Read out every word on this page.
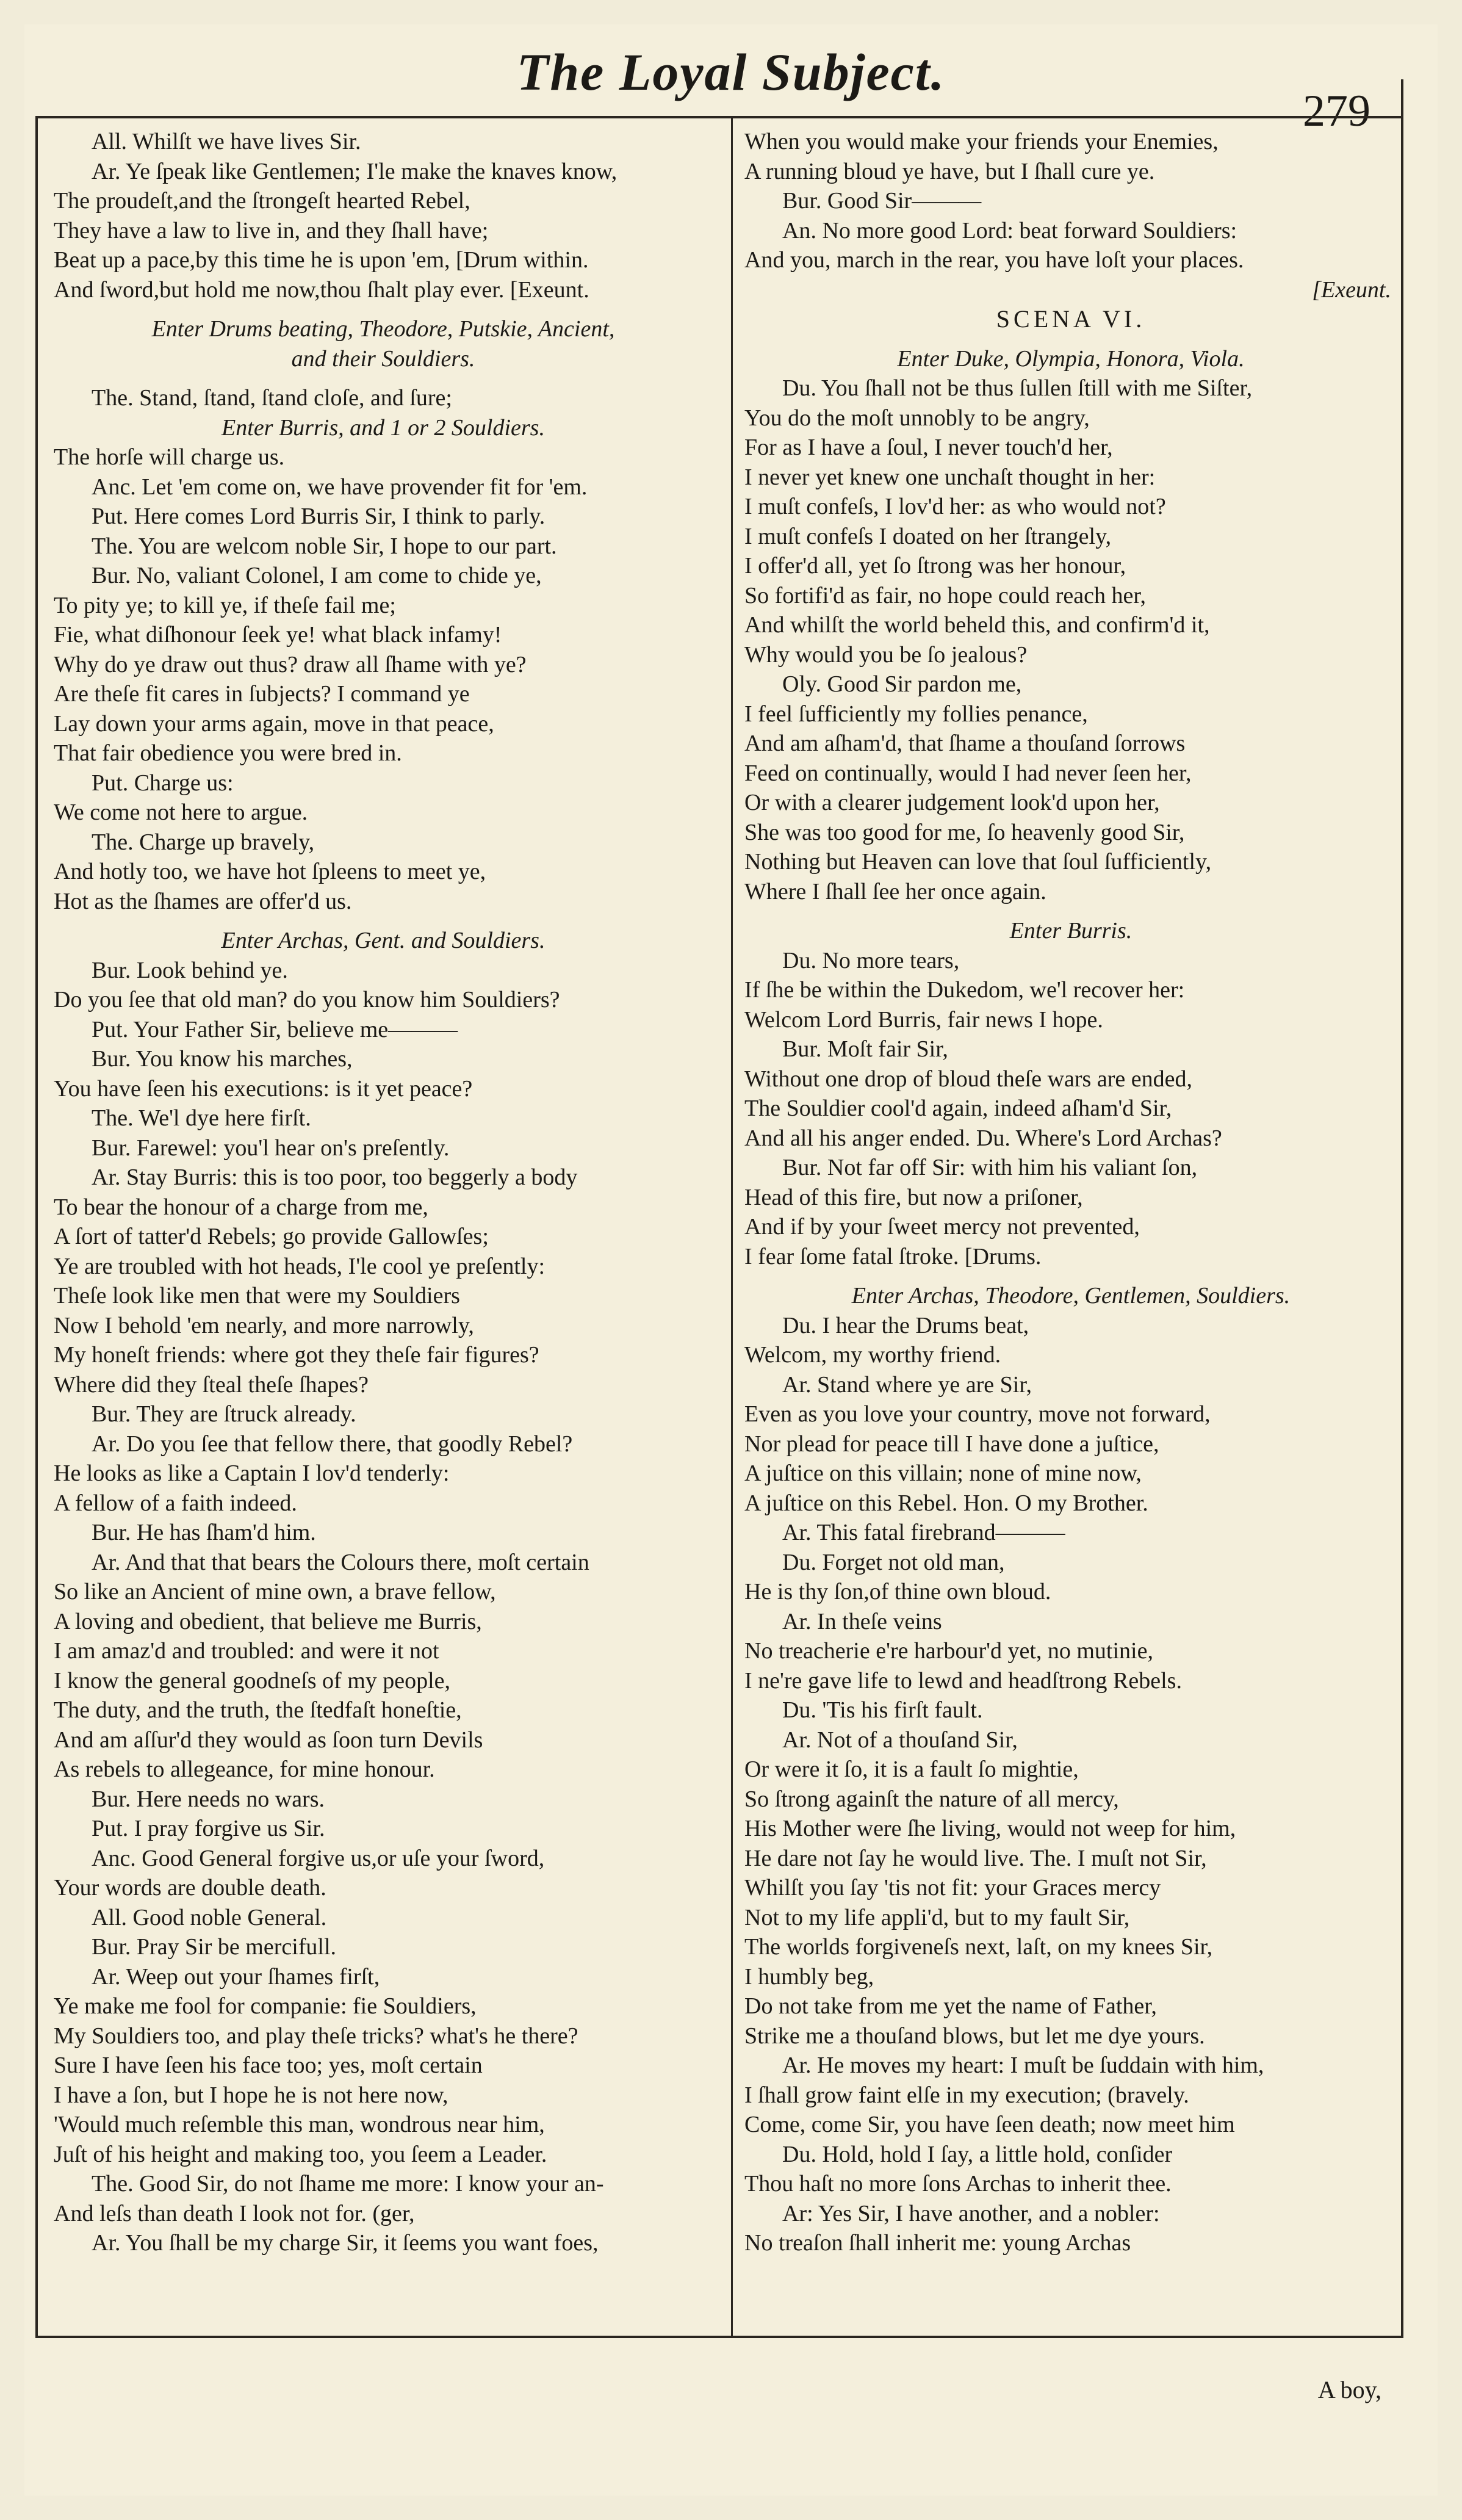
The Loyal Subject.
279
All. Whilſt we have lives Sir.
Ar. Ye ſpeak like Gentlemen; I'le make the knaves know,
The proudeſt,and the ſtrongeſt hearted Rebel,
They have a law to live in, and they ſhall have;
Beat up a pace,by this time he is upon 'em, [Drum within.
And ſword,but hold me now,thou ſhalt play ever. [Exeunt.
Enter Drums beating, Theodore, Putskie, Ancient,
and their Souldiers.
The. Stand, ſtand, ſtand cloſe, and ſure;
Enter Burris, and 1 or 2 Souldiers.
The horſe will charge us.
Anc. Let 'em come on, we have provender fit for 'em.
Put. Here comes Lord Burris Sir, I think to parly.
The. You are welcom noble Sir, I hope to our part.
Bur. No, valiant Colonel, I am come to chide ye,
To pity ye; to kill ye, if theſe fail me;
Fie, what diſhonour ſeek ye! what black infamy!
Why do ye draw out thus? draw all ſhame with ye?
Are theſe fit cares in ſubjects? I command ye
Lay down your arms again, move in that peace,
That fair obedience you were bred in.
Put. Charge us:
We come not here to argue.
The. Charge up bravely,
And hotly too, we have hot ſpleens to meet ye,
Hot as the ſhames are offer'd us.
Enter Archas, Gent. and Souldiers.
Bur. Look behind ye.
Do you ſee that old man? do you know him Souldiers?
Put. Your Father Sir, believe me———
Bur. You know his marches,
You have ſeen his executions: is it yet peace?
The. We'l dye here firſt.
Bur. Farewel: you'l hear on's preſently.
Ar. Stay Burris: this is too poor, too beggerly a body
To bear the honour of a charge from me,
A ſort of tatter'd Rebels; go provide Gallowſes;
Ye are troubled with hot heads, I'le cool ye preſently:
Theſe look like men that were my Souldiers
Now I behold 'em nearly, and more narrowly,
My honeſt friends: where got they theſe fair figures?
Where did they ſteal theſe ſhapes?
Bur. They are ſtruck already.
Ar. Do you ſee that fellow there, that goodly Rebel?
He looks as like a Captain I lov'd tenderly:
A fellow of a faith indeed.
Bur. He has ſham'd him.
Ar. And that that bears the Colours there, moſt certain
So like an Ancient of mine own, a brave fellow,
A loving and obedient, that believe me Burris,
I am amaz'd and troubled: and were it not
I know the general goodneſs of my people,
The duty, and the truth, the ſtedfaſt honeſtie,
And am aſſur'd they would as ſoon turn Devils
As rebels to allegeance, for mine honour.
Bur. Here needs no wars.
Put. I pray forgive us Sir.
Anc. Good General forgive us,or uſe your ſword,
Your words are double death.
All. Good noble General.
Bur. Pray Sir be mercifull.
Ar. Weep out your ſhames firſt,
Ye make me fool for companie: fie Souldiers,
My Souldiers too, and play theſe tricks? what's he there?
Sure I have ſeen his face too; yes, moſt certain
I have a ſon, but I hope he is not here now,
'Would much reſemble this man, wondrous near him,
Juſt of his height and making too, you ſeem a Leader.
The. Good Sir, do not ſhame me more: I know your an-
And leſs than death I look not for. (ger,
Ar. You ſhall be my charge Sir, it ſeems you want foes,
When you would make your friends your Enemies,
A running bloud ye have, but I ſhall cure ye.
Bur. Good Sir———
An. No more good Lord: beat forward Souldiers:
And you, march in the rear, you have loſt your places.
[Exeunt.
SCENA VI.
Enter Duke, Olympia, Honora, Viola.
Du. You ſhall not be thus ſullen ſtill with me Siſter,
You do the moſt unnobly to be angry,
For as I have a ſoul, I never touch'd her,
I never yet knew one unchaſt thought in her:
I muſt confeſs, I lov'd her: as who would not?
I muſt confeſs I doated on her ſtrangely,
I offer'd all, yet ſo ſtrong was her honour,
So fortifi'd as fair, no hope could reach her,
And whilſt the world beheld this, and confirm'd it,
Why would you be ſo jealous?
Oly. Good Sir pardon me,
I feel ſufficiently my follies penance,
And am aſham'd, that ſhame a thouſand ſorrows
Feed on continually, would I had never ſeen her,
Or with a clearer judgement look'd upon her,
She was too good for me, ſo heavenly good Sir,
Nothing but Heaven can love that ſoul ſufficiently,
Where I ſhall ſee her once again.
Enter Burris.
Du. No more tears,
If ſhe be within the Dukedom, we'l recover her:
Welcom Lord Burris, fair news I hope.
Bur. Moſt fair Sir,
Without one drop of bloud theſe wars are ended,
The Souldier cool'd again, indeed aſham'd Sir,
And all his anger ended. Du. Where's Lord Archas?
Bur. Not far off Sir: with him his valiant ſon,
Head of this fire, but now a priſoner,
And if by your ſweet mercy not prevented,
I fear ſome fatal ſtroke. [Drums.
Enter Archas, Theodore, Gentlemen, Souldiers.
Du. I hear the Drums beat,
Welcom, my worthy friend.
Ar. Stand where ye are Sir,
Even as you love your country, move not forward,
Nor plead for peace till I have done a juſtice,
A juſtice on this villain; none of mine now,
A juſtice on this Rebel. Hon. O my Brother.
Ar. This fatal firebrand———
Du. Forget not old man,
He is thy ſon,of thine own bloud.
Ar. In theſe veins
No treacherie e're harbour'd yet, no mutinie,
I ne're gave life to lewd and headſtrong Rebels.
Du. 'Tis his firſt fault.
Ar. Not of a thouſand Sir,
Or were it ſo, it is a fault ſo mightie,
So ſtrong againſt the nature of all mercy,
His Mother were ſhe living, would not weep for him,
He dare not ſay he would live. The. I muſt not Sir,
Whilſt you ſay 'tis not fit: your Graces mercy
Not to my life appli'd, but to my fault Sir,
The worlds forgiveneſs next, laſt, on my knees Sir,
I humbly beg,
Do not take from me yet the name of Father,
Strike me a thouſand blows, but let me dye yours.
Ar. He moves my heart: I muſt be ſuddain with him,
I ſhall grow faint elſe in my execution; (bravely.
Come, come Sir, you have ſeen death; now meet him
Du. Hold, hold I ſay, a little hold, conſider
Thou haſt no more ſons Archas to inherit thee.
Ar: Yes Sir, I have another, and a nobler:
No treaſon ſhall inherit me: young Archas
A boy,
